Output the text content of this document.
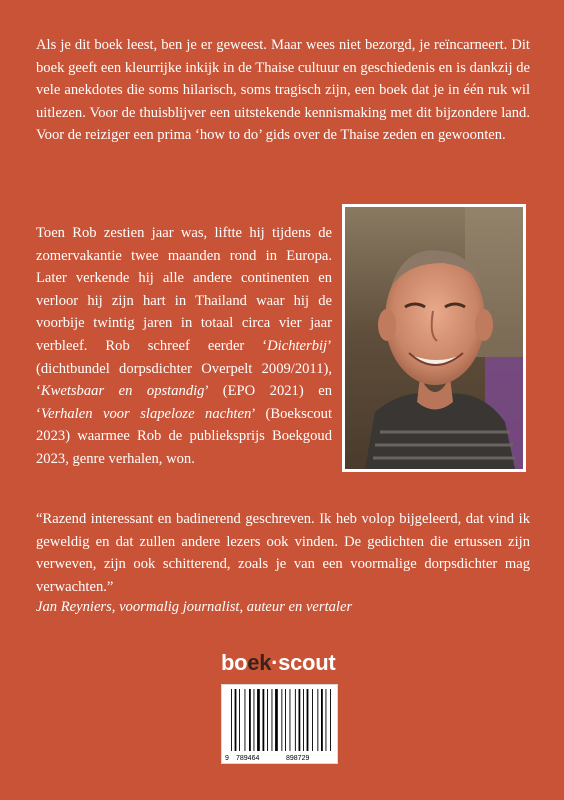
Als je dit boek leest, ben je er geweest. Maar wees niet bezorgd, je reïncarneert. Dit boek geeft een kleurrijke inkijk in de Thaise cultuur en geschiedenis en is dankzij de vele anekdotes die soms hilarisch, soms tragisch zijn, een boek dat je in één ruk wil uitlezen. Voor de thuisblijver een uitstekende kennismaking met dit bijzondere land. Voor de reiziger een prima ‘how to do’ gids over de Thaise zeden en gewoonten.

Toen Rob zestien jaar was, liftte hij tijdens de zomervakantie twee maanden rond in Europa. Later verkende hij alle andere continenten en verloor hij zijn hart in Thailand waar hij de voorbije twintig jaren in totaal circa vier jaar verbleef. Rob schreef eerder ‘Dichterbij’ (dichtbundel dorpsdichter Overpelt 2009/2011), ‘Kwetsbaar en opstandig’ (EPO 2021) en ‘Verhalen voor slapeloze nachten’ (Boekscout 2023) waarmee Rob de publieksprijs Boekgoud 2023, genre verhalen, won.

“Razend interessant en badinerend geschreven. Ik heb volop bijgeleerd, dat vind ik geweldig en dat zullen andere lezers ook vinden. De gedichten die ertussen zijn verweven, zijn ook schitterend, zoals je van een voormalige dorpsdichter mag verwachten.”

Jan Reyniers, voormalig journalist, auteur en vertaler

boek·scout
9 789464	898729
